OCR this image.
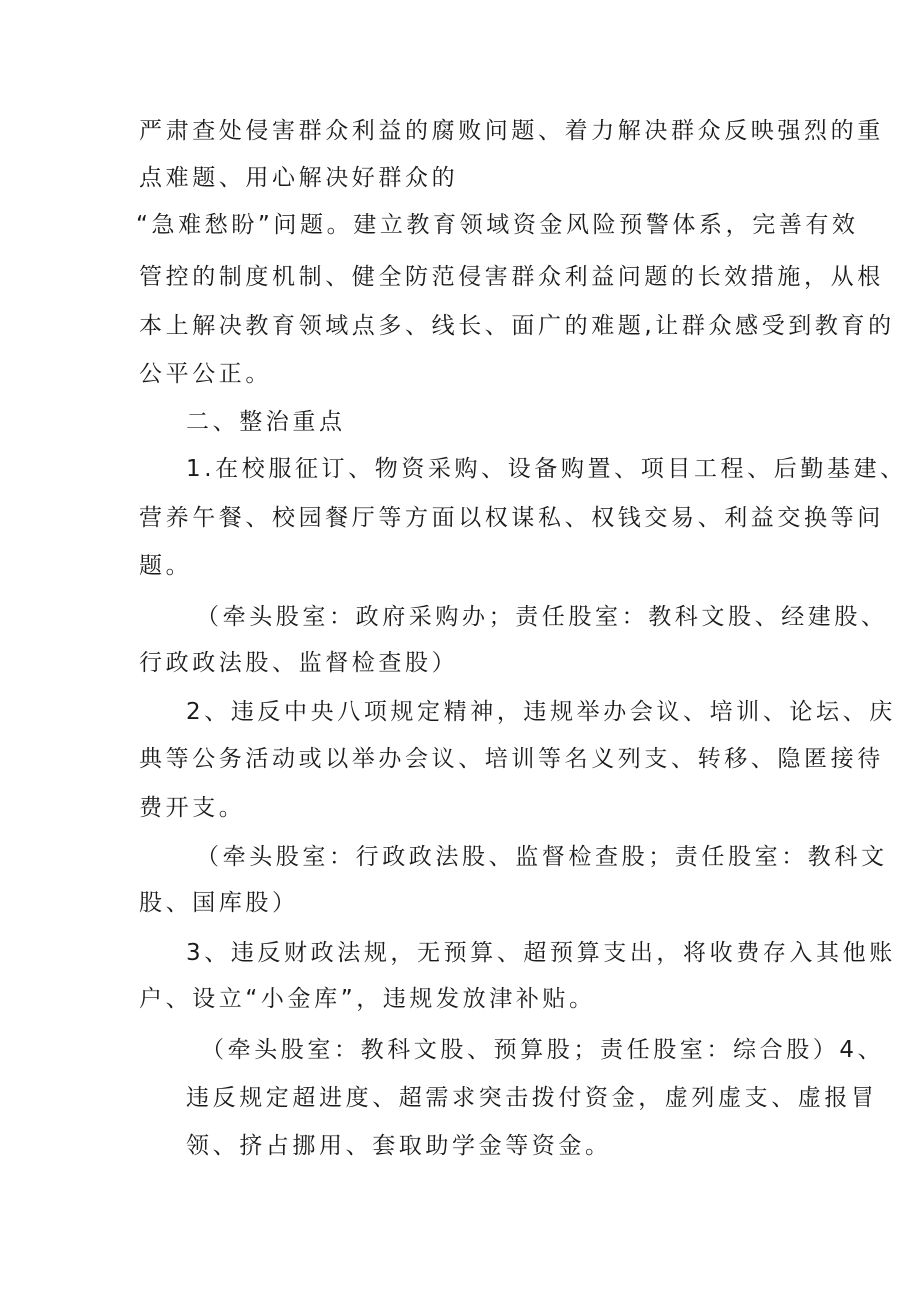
严肃查处侵害群众利益的腐败问题、着力解决群众反映强烈的重
点难题、用心解决好群众的
“急难愁盼”问题。建立教育领域资金风险预警体系，完善有效
管控的制度机制、健全防范侵害群众利益问题的长效措施，从根
本上解决教育领域点多、线长、面广的难题,让群众感受到教育的
公平公正。
二、整治重点
1.在校服征订、物资采购、设备购置、项目工程、后勤基建、
营养午餐、校园餐厅等方面以权谋私、权钱交易、利益交换等问
题。
（牵头股室：政府采购办；责任股室：教科文股、经建股、
行政政法股、监督检查股）
2、违反中央八项规定精神，违规举办会议、培训、论坛、庆
典等公务活动或以举办会议、培训等名义列支、转移、隐匿接待
费开支。
（牵头股室：行政政法股、监督检查股；责任股室：教科文
股、国库股）
3、违反财政法规，无预算、超预算支出，将收费存入其他账
户、设立“小金库”，违规发放津补贴。
（牵头股室：教科文股、预算股；责任股室：综合股）4、
违反规定超进度、超需求突击拨付资金，虚列虚支、虚报冒
领、挤占挪用、套取助学金等资金。
